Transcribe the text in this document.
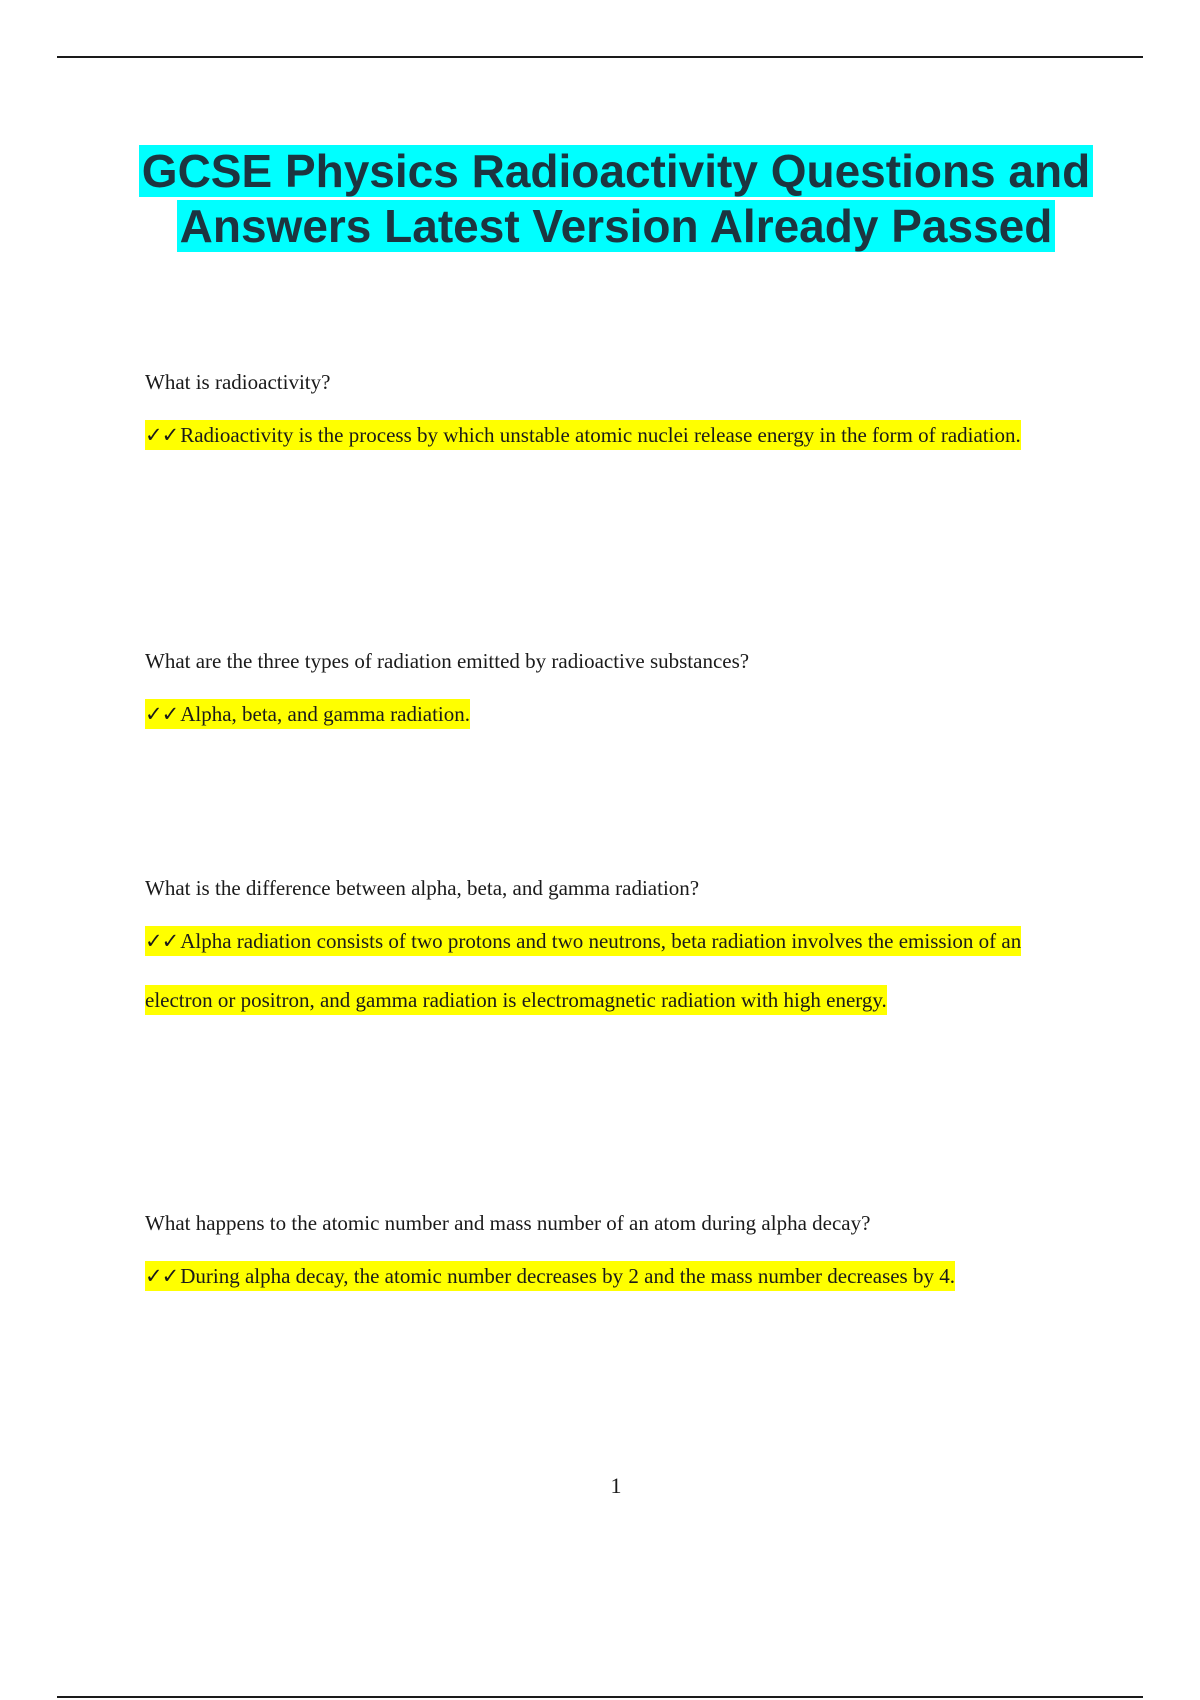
GCSE Physics Radioactivity Questions and Answers Latest Version Already Passed

What is radioactivity?

✓✓Radioactivity is the process by which unstable atomic nuclei release energy in the form of radiation.

What are the three types of radiation emitted by radioactive substances?

✓✓Alpha, beta, and gamma radiation.

What is the difference between alpha, beta, and gamma radiation?

✓✓Alpha radiation consists of two protons and two neutrons, beta radiation involves the emission of an electron or positron, and gamma radiation is electromagnetic radiation with high energy.

What happens to the atomic number and mass number of an atom during alpha decay?

✓✓During alpha decay, the atomic number decreases by 2 and the mass number decreases by 4.

1
